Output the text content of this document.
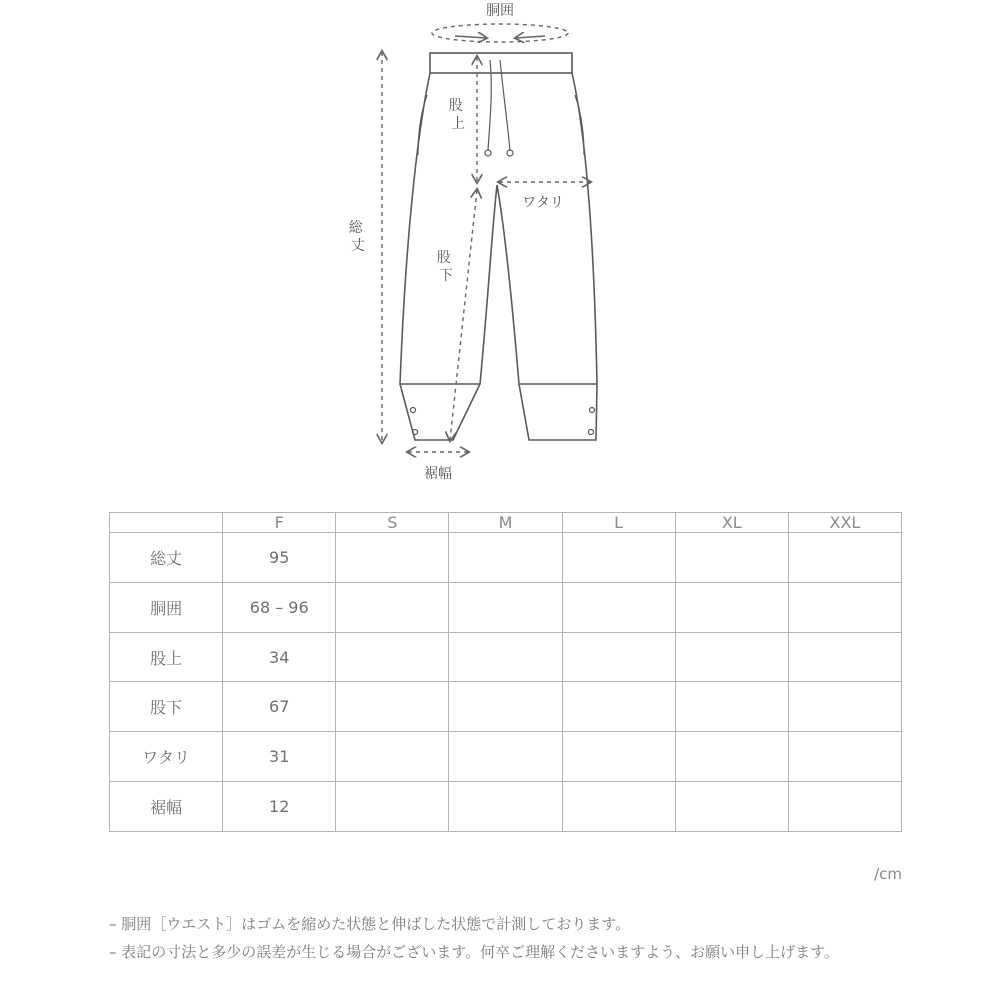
胴囲
ワタリ
裾幅
股 上
股 下
総 丈
	F	S	M	L	XL	XXL
総丈	95					
胴囲	68 – 96					
股上	34					
股下	67					
ワタリ	31					
裾幅	12					
/cm
– 胴囲［ウエスト］はゴムを縮めた状態と伸ばした状態で計測しております。
– 表記の寸法と多少の誤差が生じる場合がございます。何卒ご理解くださいますよう、お願い申し上げます。
